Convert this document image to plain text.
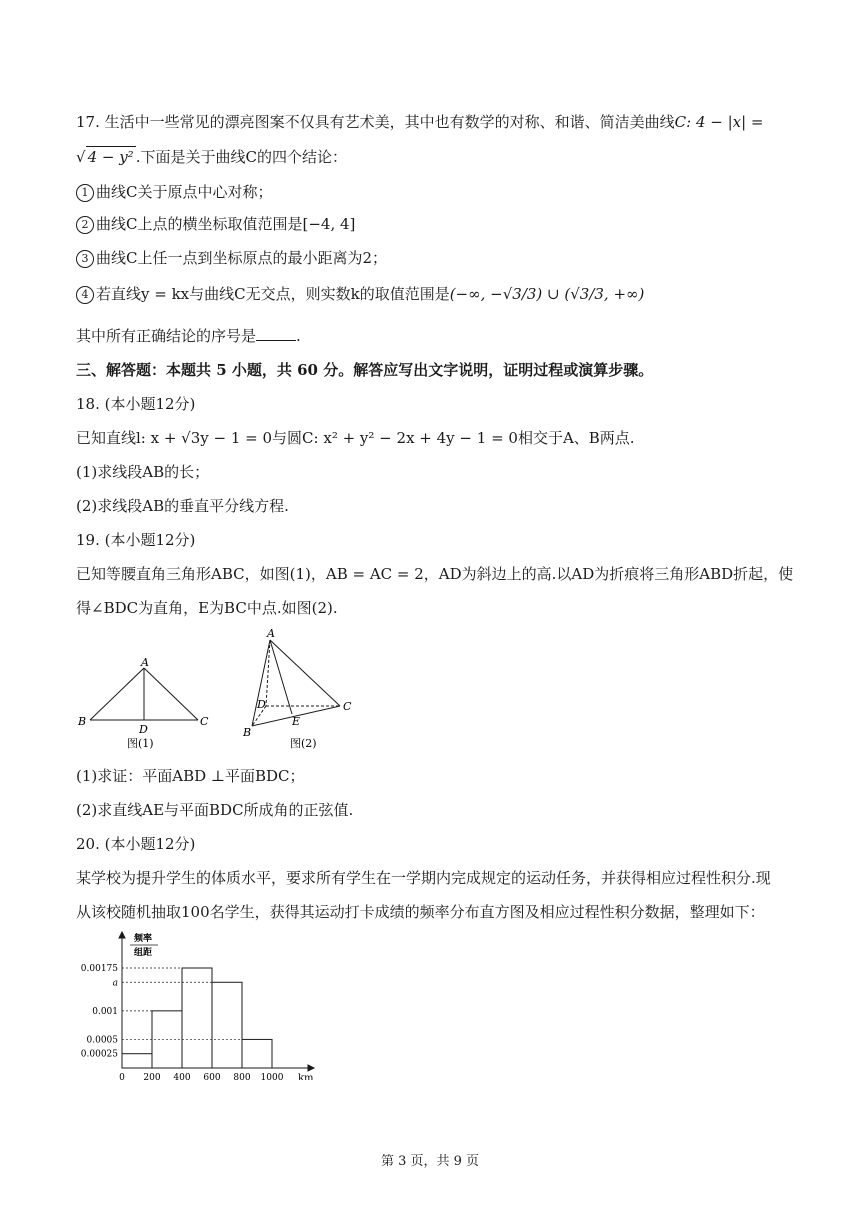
17. 生活中一些常见的漂亮图案不仅具有艺术美，其中也有数学的对称、和谐、简洁美曲线C: 4 − |x| =
√ 4 − y² .下面是关于曲线C的四个结论：
1 曲线C关于原点中心对称；
2 曲线C上点的横坐标取值范围是[−4, 4]
3 曲线C上任一点到坐标原点的最小距离为2；
4 若直线y = kx与曲线C无交点，则实数k的取值范围是(−∞, −√3/3) ∪ (√3/3, +∞)
其中所有正确结论的序号是	.
三、解答题：本题共 5 小题，共 60 分。解答应写出文字说明，证明过程或演算步骤。
18. (本小题12分)
已知直线l: x + √3y − 1 = 0与圆C: x² + y² − 2x + 4y − 1 = 0相交于A、B两点.
(1)求线段AB的长；
(2)求线段AB的垂直平分线方程.
19. (本小题12分)
已知等腰直角三角形ABC，如图(1)，AB = AC = 2，AD为斜边上的高.以AD为折痕将三角形ABD折起，使
得∠BDC为直角，E为BC中点.如图(2).
A
B	C
D
图(1)
A
B
C
D
E
图(2)
(1)求证：平面ABD ⊥平面BDC；
(2)求直线AE与平面BDC所成角的正弦值.
20. (本小题12分)
某学校为提升学生的体质水平，要求所有学生在一学期内完成规定的运动任务，并获得相应过程性积分.现
从该校随机抽取100名学生，获得其运动打卡成绩的频率分布直方图及相应过程性积分数据，整理如下：
频率
组距
km
0.00025
0.001
0.00175
a
0.0005
0 200 400 600 800 1000
第 3 页，共 9 页
